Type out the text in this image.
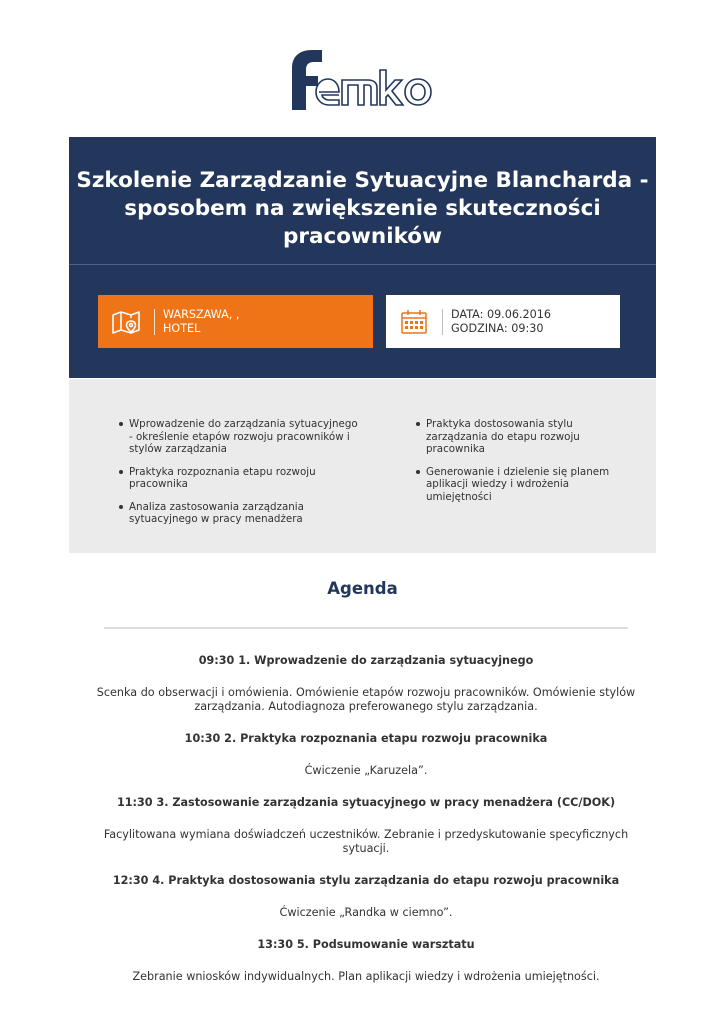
Szkolenie Zarządzanie Sytuacyjne Blancharda -
sposobem na zwiększenie skuteczności
pracowników
WARSZAWA, ,
HOTEL
DATA: 09.06.2016
GODZINA: 09:30
Wprowadzenie do zarządzania sytuacyjnego
- określenie etapów rozwoju pracowników i
stylów zarządzania
Praktyka rozpoznania etapu rozwoju
pracownika
Analiza zastosowania zarządzania
sytuacyjnego w pracy menadżera
Praktyka dostosowania stylu
zarządzania do etapu rozwoju
pracownika
Generowanie i dzielenie się planem
aplikacji wiedzy i wdrożenia
umiejętności
Agenda
09:30 1. Wprowadzenie do zarządzania sytuacyjnego
Scenka do obserwacji i omówienia. Omówienie etapów rozwoju pracowników. Omówienie stylów
zarządzania. Autodiagnoza preferowanego stylu zarządzania.
10:30 2. Praktyka rozpoznania etapu rozwoju pracownika
Ćwiczenie „Karuzela”.
11:30 3. Zastosowanie zarządzania sytuacyjnego w pracy menadżera (CC/DOK)
Facylitowana wymiana doświadczeń uczestników. Zebranie i przedyskutowanie specyficznych
sytuacji.
12:30 4. Praktyka dostosowania stylu zarządzania do etapu rozwoju pracownika
Ćwiczenie „Randka w ciemno”.
13:30 5. Podsumowanie warsztatu
Zebranie wniosków indywidualnych. Plan aplikacji wiedzy i wdrożenia umiejętności.
